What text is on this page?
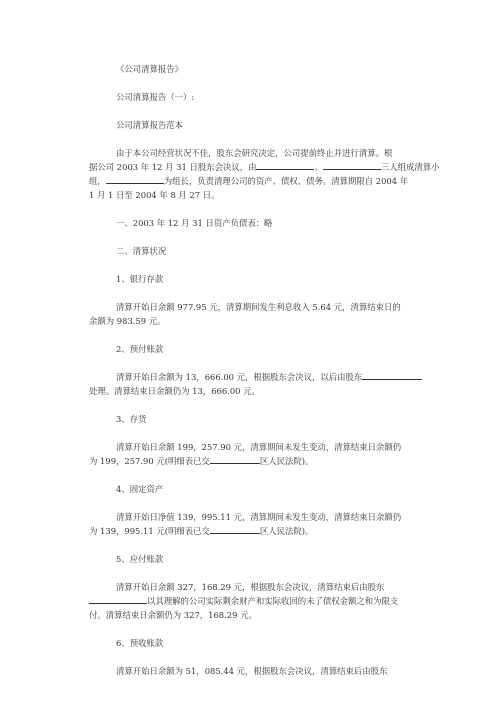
《公司清算报告》
公司清算报告（一）:
公司清算报告范本
由于本公司经营状况不佳，股东会研究决定，公司提前终止并进行清算。根
据公司 2003 年 12 月 31 日股东会决议，由	、	三人组成清算小
组，	为组长，负责清理公司的资产、债权、债务。清算期限自 2004 年
1 月 1 日至 2004 年 8 月 27 日。
一、2003 年 12 月 31 日资产负债表：略
二、清算状况
1、银行存款
清算开始日余额 977.95 元，清算期间发生利息收入 5.64 元，清算结束日的
余额为 983.59 元。
2、预付账款
清算开始日余额为 13，666.00 元，根据股东会决议，以后由股东
处理。清算结束日余额仍为 13，666.00 元。
3、存货
清算开始日余额 199，257.90 元，清算期间未发生变动，清算结束日余额仍
为 199，257.90 元(明细表已交	区人民法院)。
4、固定资产
清算开始日净值 139，995.11 元，清算期间未发生变动，清算结束日余额仍
为 139，995.11 元(明细表已交	区人民法院)。
5、应付账款
清算开始日余额 327，168.29 元，根据股东会决议，清算结束后由股东
以其理解的公司实际剩余财产和实际收回的未了债权金额之和为限支
付。清算结束日余额仍为 327，168.29 元。
6、预收账款
清算开始日余额为 51，085.44 元，根据股东会决议，清算结束后由股东
